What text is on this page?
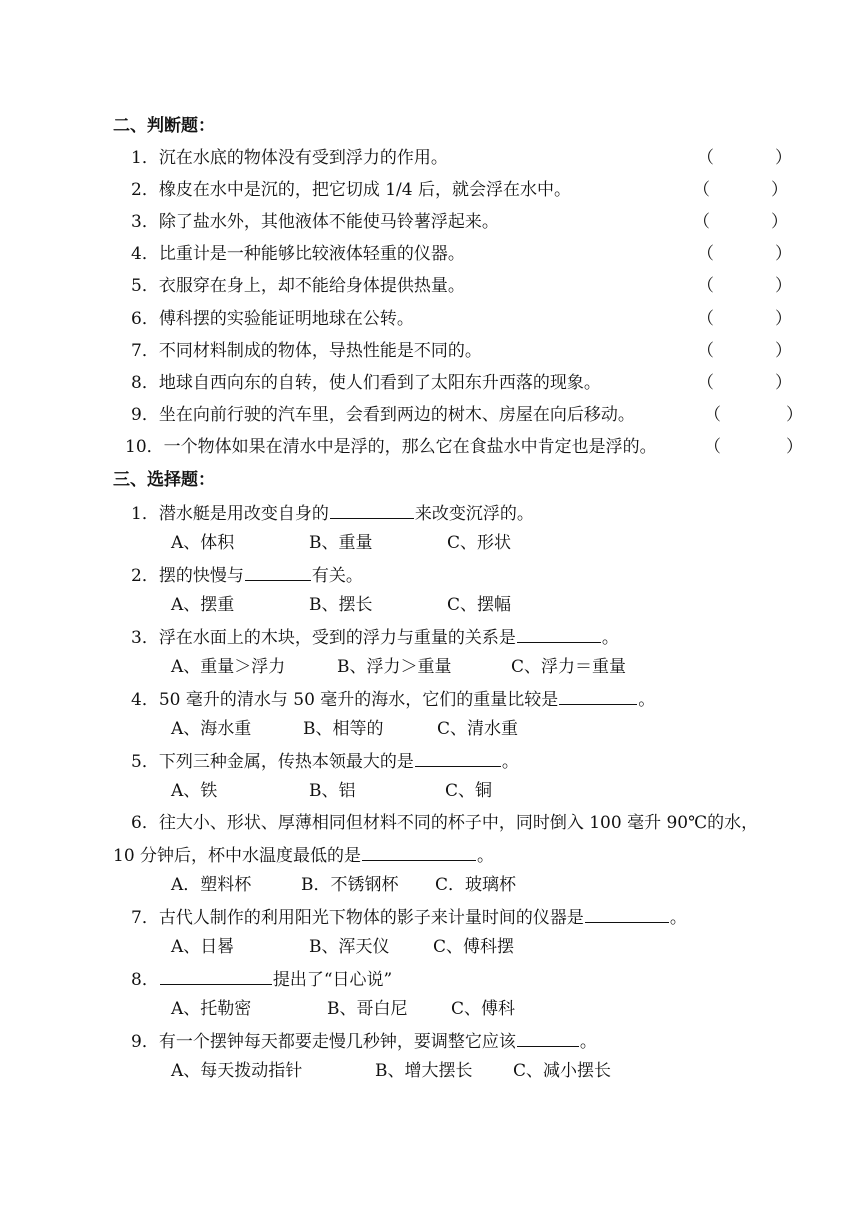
二、判断题：
1．沉在水底的物体没有受到浮力的作用。	（	）
2．橡皮在水中是沉的，把它切成 1/4 后，就会浮在水中。	（	）
3．除了盐水外，其他液体不能使马铃薯浮起来。	（	）
4．比重计是一种能够比较液体轻重的仪器。	（	）
5．衣服穿在身上，却不能给身体提供热量。	（	）
6．傅科摆的实验能证明地球在公转。	（	）
7．不同材料制成的物体，导热性能是不同的。	（	）
8．地球自西向东的自转，使人们看到了太阳东升西落的现象。	（	）
9．坐在向前行驶的汽车里，会看到两边的树木、房屋在向后移动。	（	）
10．一个物体如果在清水中是浮的，那么它在食盐水中肯定也是浮的。	（	）
三、选择题：
1．潜水艇是用改变自身的	来改变沉浮的。
A、体积	B、重量	C、形状
2．摆的快慢与	有关。
A、摆重	B、摆长	C、摆幅
3．浮在水面上的木块，受到的浮力与重量的关系是	。
A、重量＞浮力	B、浮力＞重量	C、浮力＝重量
4．50 毫升的清水与 50 毫升的海水，它们的重量比较是	。
A、海水重	B、相等的	C、清水重
5．下列三种金属，传热本领最大的是	。
A、铁	B、铝	C、铜
6．往大小、形状、厚薄相同但材料不同的杯子中，同时倒入 100 毫升 90℃的水，
10 分钟后，杯中水温度最低的是	。
A．塑料杯	B．不锈钢杯 C．玻璃杯
7．古代人制作的利用阳光下物体的影子来计量时间的仪器是	。
A、日晷	B、浑天仪	C、傅科摆
8．	提出了“日心说”
A、托勒密	B、哥白尼	C、傅科
9．有一个摆钟每天都要走慢几秒钟，要调整它应该	。
A、每天拨动指针	B、增大摆长 C、减小摆长
